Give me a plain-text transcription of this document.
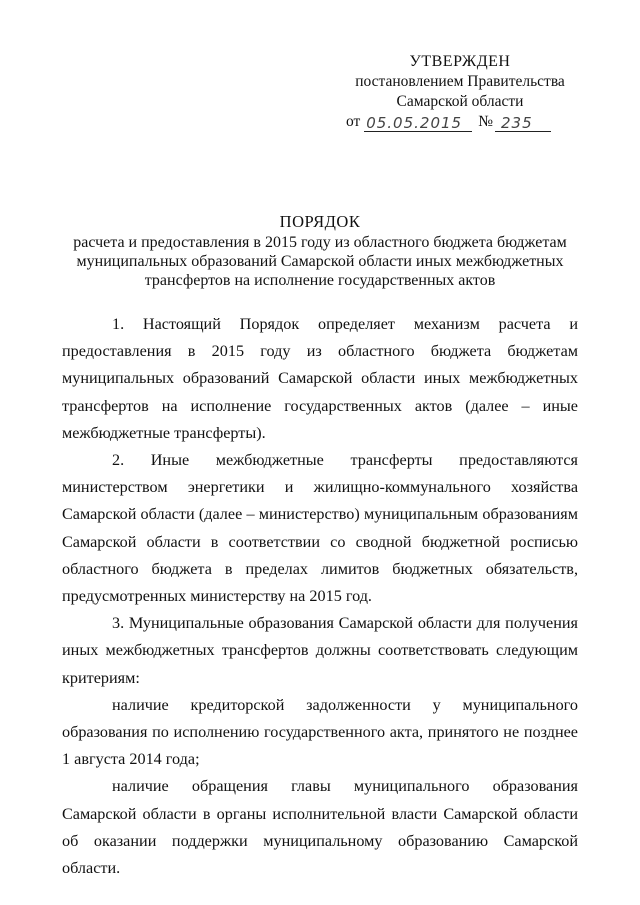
УТВЕРЖДЕН
постановлением Правительства
Самарской области
от 05.05.2015 № 235
ПОРЯДОК
расчета и предоставления в 2015 году из областного бюджета бюджетам
муниципальных образований Самарской области иных межбюджетных
трансфертов на исполнение государственных актов

1. Настоящий Порядок определяет механизм расчета и предоставления в 2015 году из областного бюджета бюджетам муниципальных образований Самарской области иных межбюджетных трансфертов на исполнение государственных актов (далее – иные межбюджетные трансферты).

2. Иные межбюджетные трансферты предоставляются министерством энергетики и жилищно-коммунального хозяйства Самарской области (далее – министерство) муниципальным образованиям Самарской области в соответствии со сводной бюджетной росписью областного бюджета в пределах лимитов бюджетных обязательств, предусмотренных министерству на 2015 год.

3. Муниципальные образования Самарской области для получения иных межбюджетных трансфертов должны соответствовать следующим критериям:

наличие кредиторской задолженности у муниципального образования по исполнению государственного акта, принятого не позднее 1 августа 2014 года;

наличие обращения главы муниципального образования Самарской области в органы исполнительной власти Самарской области об оказании поддержки муниципальному образованию Самарской области.
